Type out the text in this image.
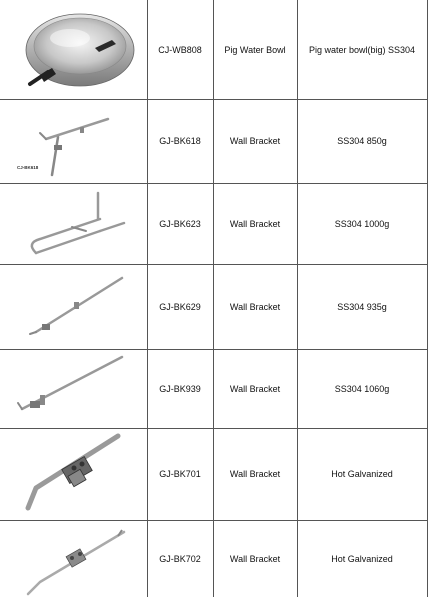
CJ-WB808	Pig Water Bowl	Pig water bowl(big) SS304
CJ-BK618
GJ-BK618	Wall Bracket	SS304 850g
GJ-BK623	Wall Bracket	SS304 1000g
GJ-BK629	Wall Bracket	SS304 935g
GJ-BK939	Wall Bracket	SS304 1060g
GJ-BK701	Wall Bracket	Hot Galvanized
GJ-BK702	Wall Bracket	Hot Galvanized
